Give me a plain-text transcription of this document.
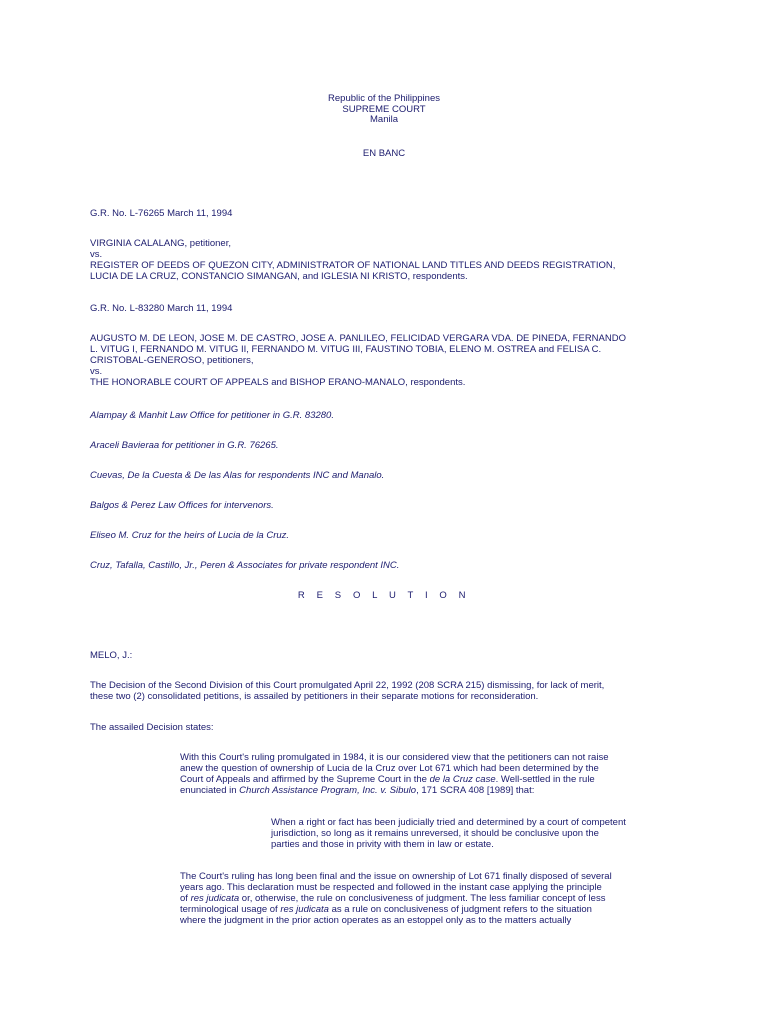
Republic of the Philippines
SUPREME COURT
Manila
EN BANC
G.R. No. L-76265 March 11, 1994
VIRGINIA CALALANG, petitioner,
vs.
REGISTER OF DEEDS OF QUEZON CITY, ADMINISTRATOR OF NATIONAL LAND TITLES AND DEEDS REGISTRATION,
LUCIA DE LA CRUZ, CONSTANCIO SIMANGAN, and IGLESIA NI KRISTO, respondents.
G.R. No. L-83280 March 11, 1994
AUGUSTO M. DE LEON, JOSE M. DE CASTRO, JOSE A. PANLILEO, FELICIDAD VERGARA VDA. DE PINEDA, FERNANDO
L. VITUG I, FERNANDO M. VITUG II, FERNANDO M. VITUG III, FAUSTINO TOBIA, ELENO M. OSTREA and FELISA C.
CRISTOBAL-GENEROSO, petitioners,
vs.
THE HONORABLE COURT OF APPEALS and BISHOP ERANO-MANALO, respondents.
Alampay & Manhit Law Office for petitioner in G.R. 83280.
Araceli Bavieraa for petitioner in G.R. 76265.
Cuevas, De la Cuesta & De las Alas for respondents INC and Manalo.
Balgos & Perez Law Offices for intervenors.
Eliseo M. Cruz for the heirs of Lucia de la Cruz.
Cruz, Tafalla, Castillo, Jr., Peren & Associates for private respondent INC.
R E S O L U T I O N
MELO, J.:
The Decision of the Second Division of this Court promulgated April 22, 1992 (208 SCRA 215) dismissing, for lack of merit,
these two (2) consolidated petitions, is assailed by petitioners in their separate motions for reconsideration.
The assailed Decision states:
With this Court's ruling promulgated in 1984, it is our considered view that the petitioners can not raise
anew the question of ownership of Lucia de la Cruz over Lot 671 which had been determined by the
Court of Appeals and affirmed by the Supreme Court in the de la Cruz case. Well-settled in the rule
enunciated in Church Assistance Program, Inc. v. Sibulo, 171 SCRA 408 [1989] that:
When a right or fact has been judicially tried and determined by a court of competent
jurisdiction, so long as it remains unreversed, it should be conclusive upon the
parties and those in privity with them in law or estate.
The Court's ruling has long been final and the issue on ownership of Lot 671 finally disposed of several
years ago. This declaration must be respected and followed in the instant case applying the principle
of res judicata or, otherwise, the rule on conclusiveness of judgment. The less familiar concept of less
terminological usage of res judicata as a rule on conclusiveness of judgment refers to the situation
where the judgment in the prior action operates as an estoppel only as to the matters actually
